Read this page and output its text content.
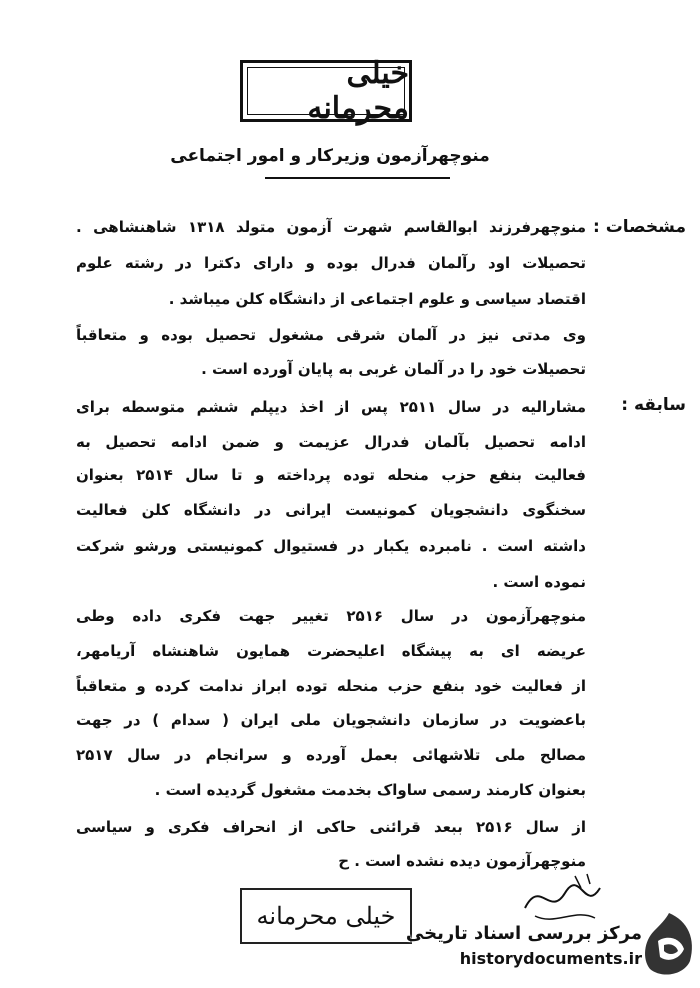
خیلی محرمانه
منوچهرآزمون وزیرکار و امور اجتماعی
مشخصات :
سابقه :
منوچهرفرزند ابوالقاسم شهرت آزمون متولد ۱۳۱۸ شاهنشاهی .
تحصیلات اود رآلمان فدرال بوده و دارای دکترا در رشته علوم
اقتصاد سیاسی و علوم اجتماعی از دانشگاه کلن میباشد .
وی مدتی نیز در آلمان شرقی مشغول تحصیل بوده و متعاقباً
تحصیلات خود را در آلمان غربی به پایان آورده است .
مشارالیه در سال ۲۵۱۱ پس از اخذ دیپلم ششم متوسطه برای
ادامه تحصیل بآلمان فدرال عزیمت و ضمن ادامه تحصیل به
فعالیت بنفع حزب منحله توده پرداخته و تا سال ۲۵۱۴ بعنوان
سخنگوی دانشجویان کمونیست ایرانی در دانشگاه کلن فعالیت
داشته است . نامبرده یکبار در فستیوال کمونیستی ورشو شرکت
نموده است .
منوچهرآزمون در سال ۲۵۱۶ تغییر جهت فکری داده وطی
عریضه ای به پیشگاه اعلیحضرت همایون شاهنشاه آریامهر،
از فعالیت خود بنفع حزب منحله توده ابراز ندامت کرده و متعاقباً
باعضویت در سازمان دانشجویان ملی ایران ( سدام ) در جهت
مصالح ملی تلاشهائی بعمل آورده و سرانجام در سال ۲۵۱۷
بعنوان کارمند رسمی ساواک بخدمت مشغول گردیده است .
از سال ۲۵۱۶ ببعد قرائنی حاکی از انحراف فکری و سیاسی
منوچهرآزمون دیده نشده است . ح
خیلی محرمانه
مرکز بررسی اسناد تاریخی
historydocuments.ir
